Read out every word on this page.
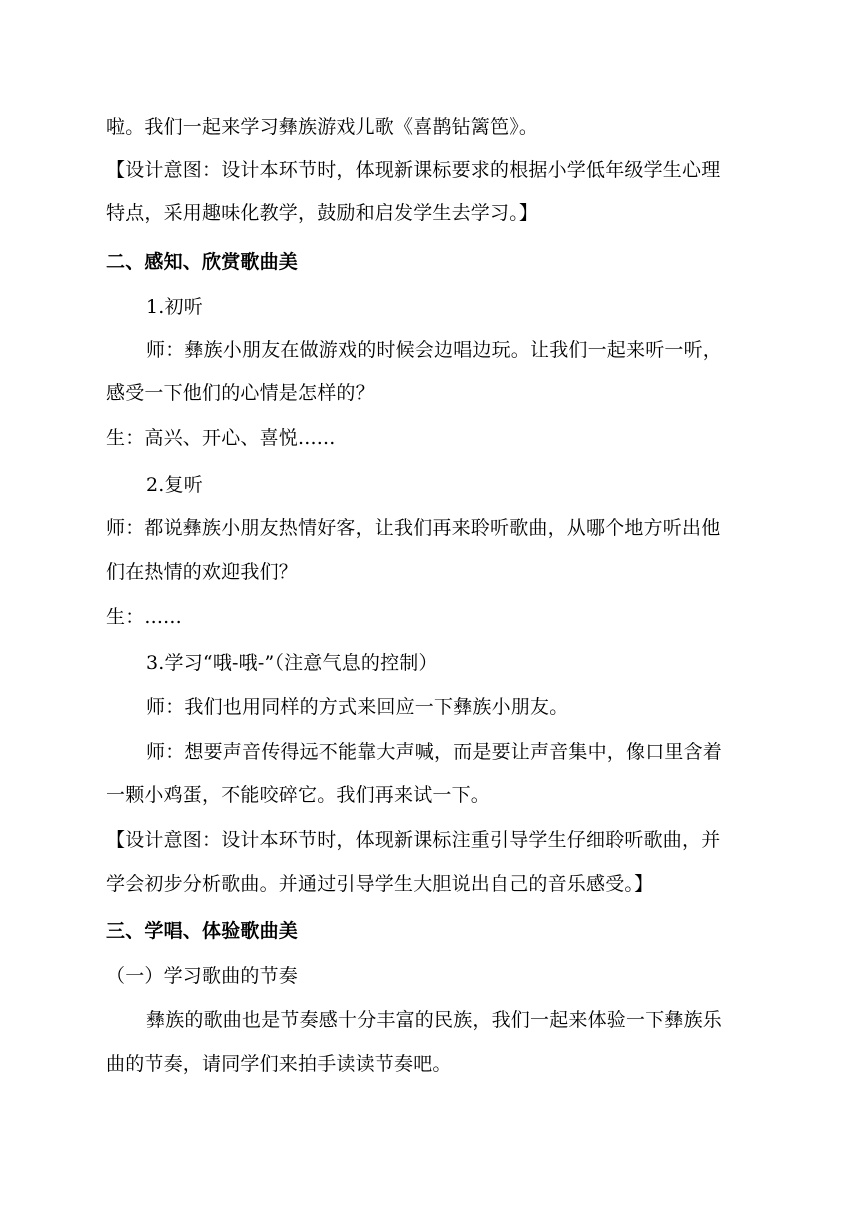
啦。我们一起来学习彝族游戏儿歌《喜鹊钻篱笆》。
【设计意图：设计本环节时，体现新课标要求的根据小学低年级学生心理
特点，采用趣味化教学，鼓励和启发学生去学习。】
二、感知、欣赏歌曲美
1.初听
师：彝族小朋友在做游戏的时候会边唱边玩。让我们一起来听一听，
感受一下他们的心情是怎样的？
生：高兴、开心、喜悦......
2.复听
师：都说彝族小朋友热情好客，让我们再来聆听歌曲，从哪个地方听出他
们在热情的欢迎我们？
生：......
3.学习“哦-哦-”（注意气息的控制）
师：我们也用同样的方式来回应一下彝族小朋友。
师：想要声音传得远不能靠大声喊，而是要让声音集中，像口里含着
一颗小鸡蛋，不能咬碎它。我们再来试一下。
【设计意图：设计本环节时，体现新课标注重引导学生仔细聆听歌曲，并
学会初步分析歌曲。并通过引导学生大胆说出自己的音乐感受。】
三、学唱、体验歌曲美
（一）学习歌曲的节奏
彝族的歌曲也是节奏感十分丰富的民族，我们一起来体验一下彝族乐
曲的节奏，请同学们来拍手读读节奏吧。
